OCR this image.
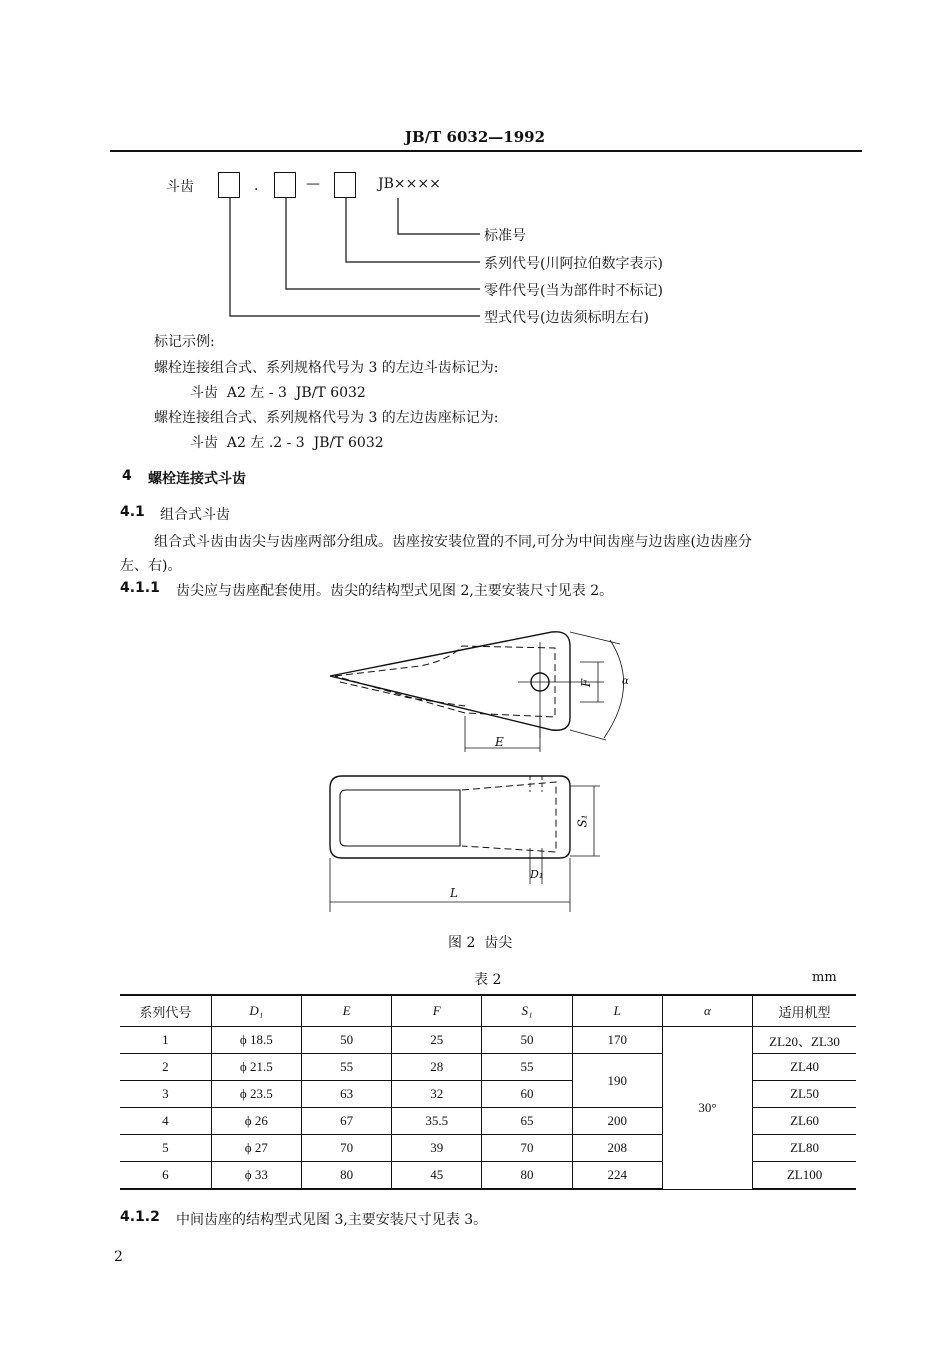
JB/T 6032—1992
斗齿	.	—	JB××××
标准号
系列代号(川阿拉伯数字表示)
零件代号(当为部件时不标记)
型式代号(边齿须标明左右)
标记示例:
螺栓连接组合式、系列规格代号为 3 的左边斗齿标记为:
斗齿  A2 左 - 3  JB/T 6032
螺栓连接组合式、系列规格代号为 3 的左边齿座标记为:
斗齿  A2 左 .2 - 3  JB/T 6032
4 螺栓连接式斗齿
4.1 组合式斗齿
组合式斗齿由齿尖与齿座两部分组成。齿座按安装位置的不同,可分为中间齿座与边齿座(边齿座分
左、右)。
4.1.1 齿尖应与齿座配套使用。齿尖的结构型式见图 2,主要安装尺寸见表 2。
E
F	α
S₁
D₁
L
图 2  齿尖
表 2	mm
系列代号	D₁	E	F	S₁	L	α	适用机型
1	ϕ 18.5	50	25	50	170	30°	ZL20、ZL30
2	ϕ 21.5	55	28	55	190		ZL40
3	ϕ 23.5	63	32	60			ZL50
4	ϕ 26	67	35.5	65	200		ZL60
5	ϕ 27	70	39	70	208		ZL80
6	ϕ 33	80	45	80	224		ZL100
4.1.2 中间齿座的结构型式见图 3,主要安装尺寸见表 3。
2
